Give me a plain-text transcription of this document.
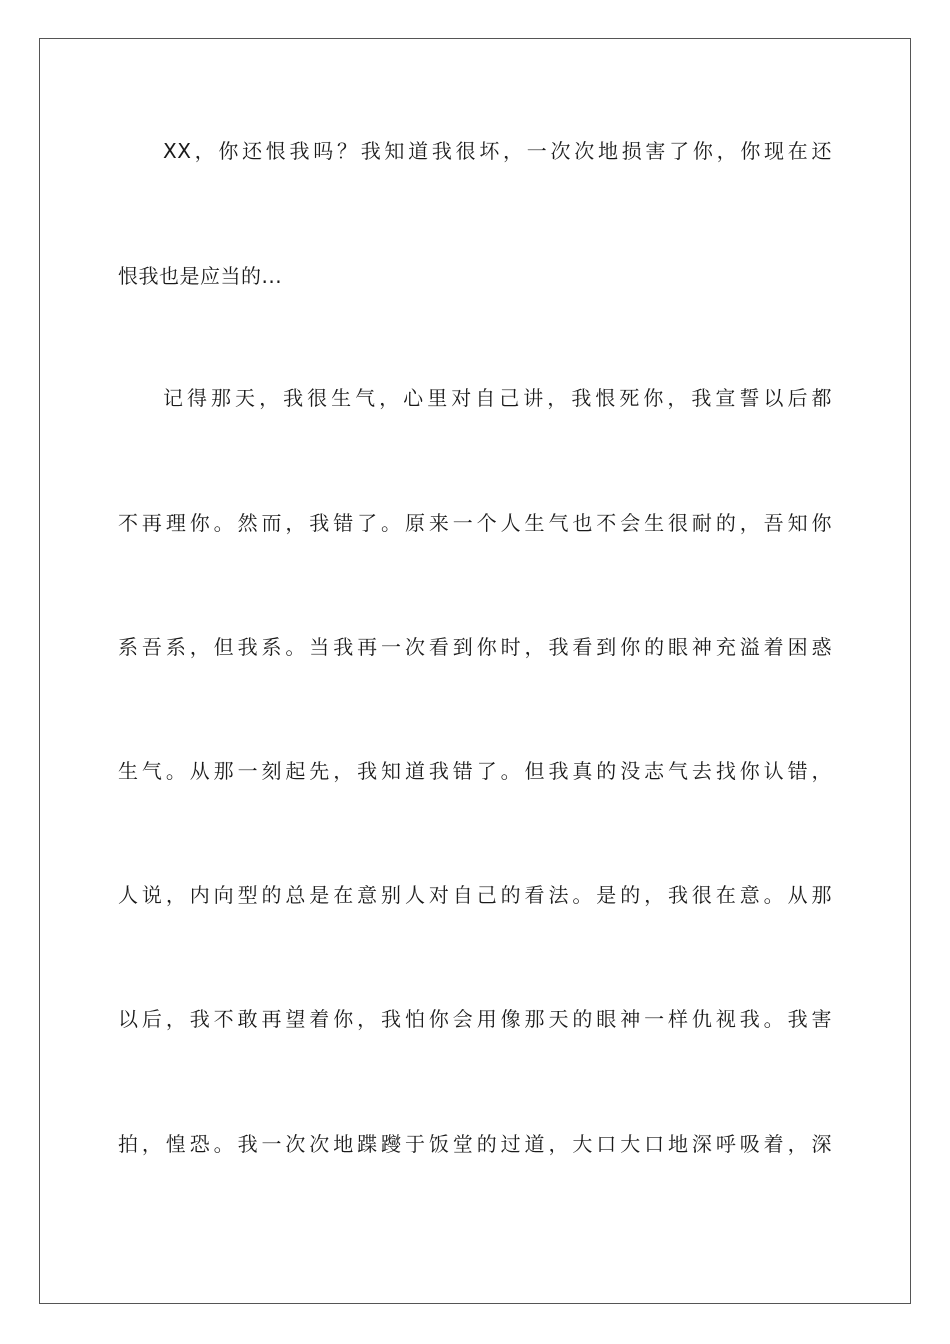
XX，你还恨我吗？我知道我很坏，一次次地损害了你，你现在还

恨我也是应当的...

记得那天，我很生气，心里对自己讲，我恨死你，我宣誓以后都

不再理你。然而，我错了。原来一个人生气也不会生很耐的，吾知你

系吾系，但我系。当我再一次看到你时，我看到你的眼神充溢着困惑

生气。从那一刻起先，我知道我错了。但我真的没志气去找你认错，

人说，内向型的总是在意别人对自己的看法。是的，我很在意。从那

以后，我不敢再望着你，我怕你会用像那天的眼神一样仇视我。我害

拍，惶恐。我一次次地蹀躞于饭堂的过道，大口大口地深呼吸着，深
